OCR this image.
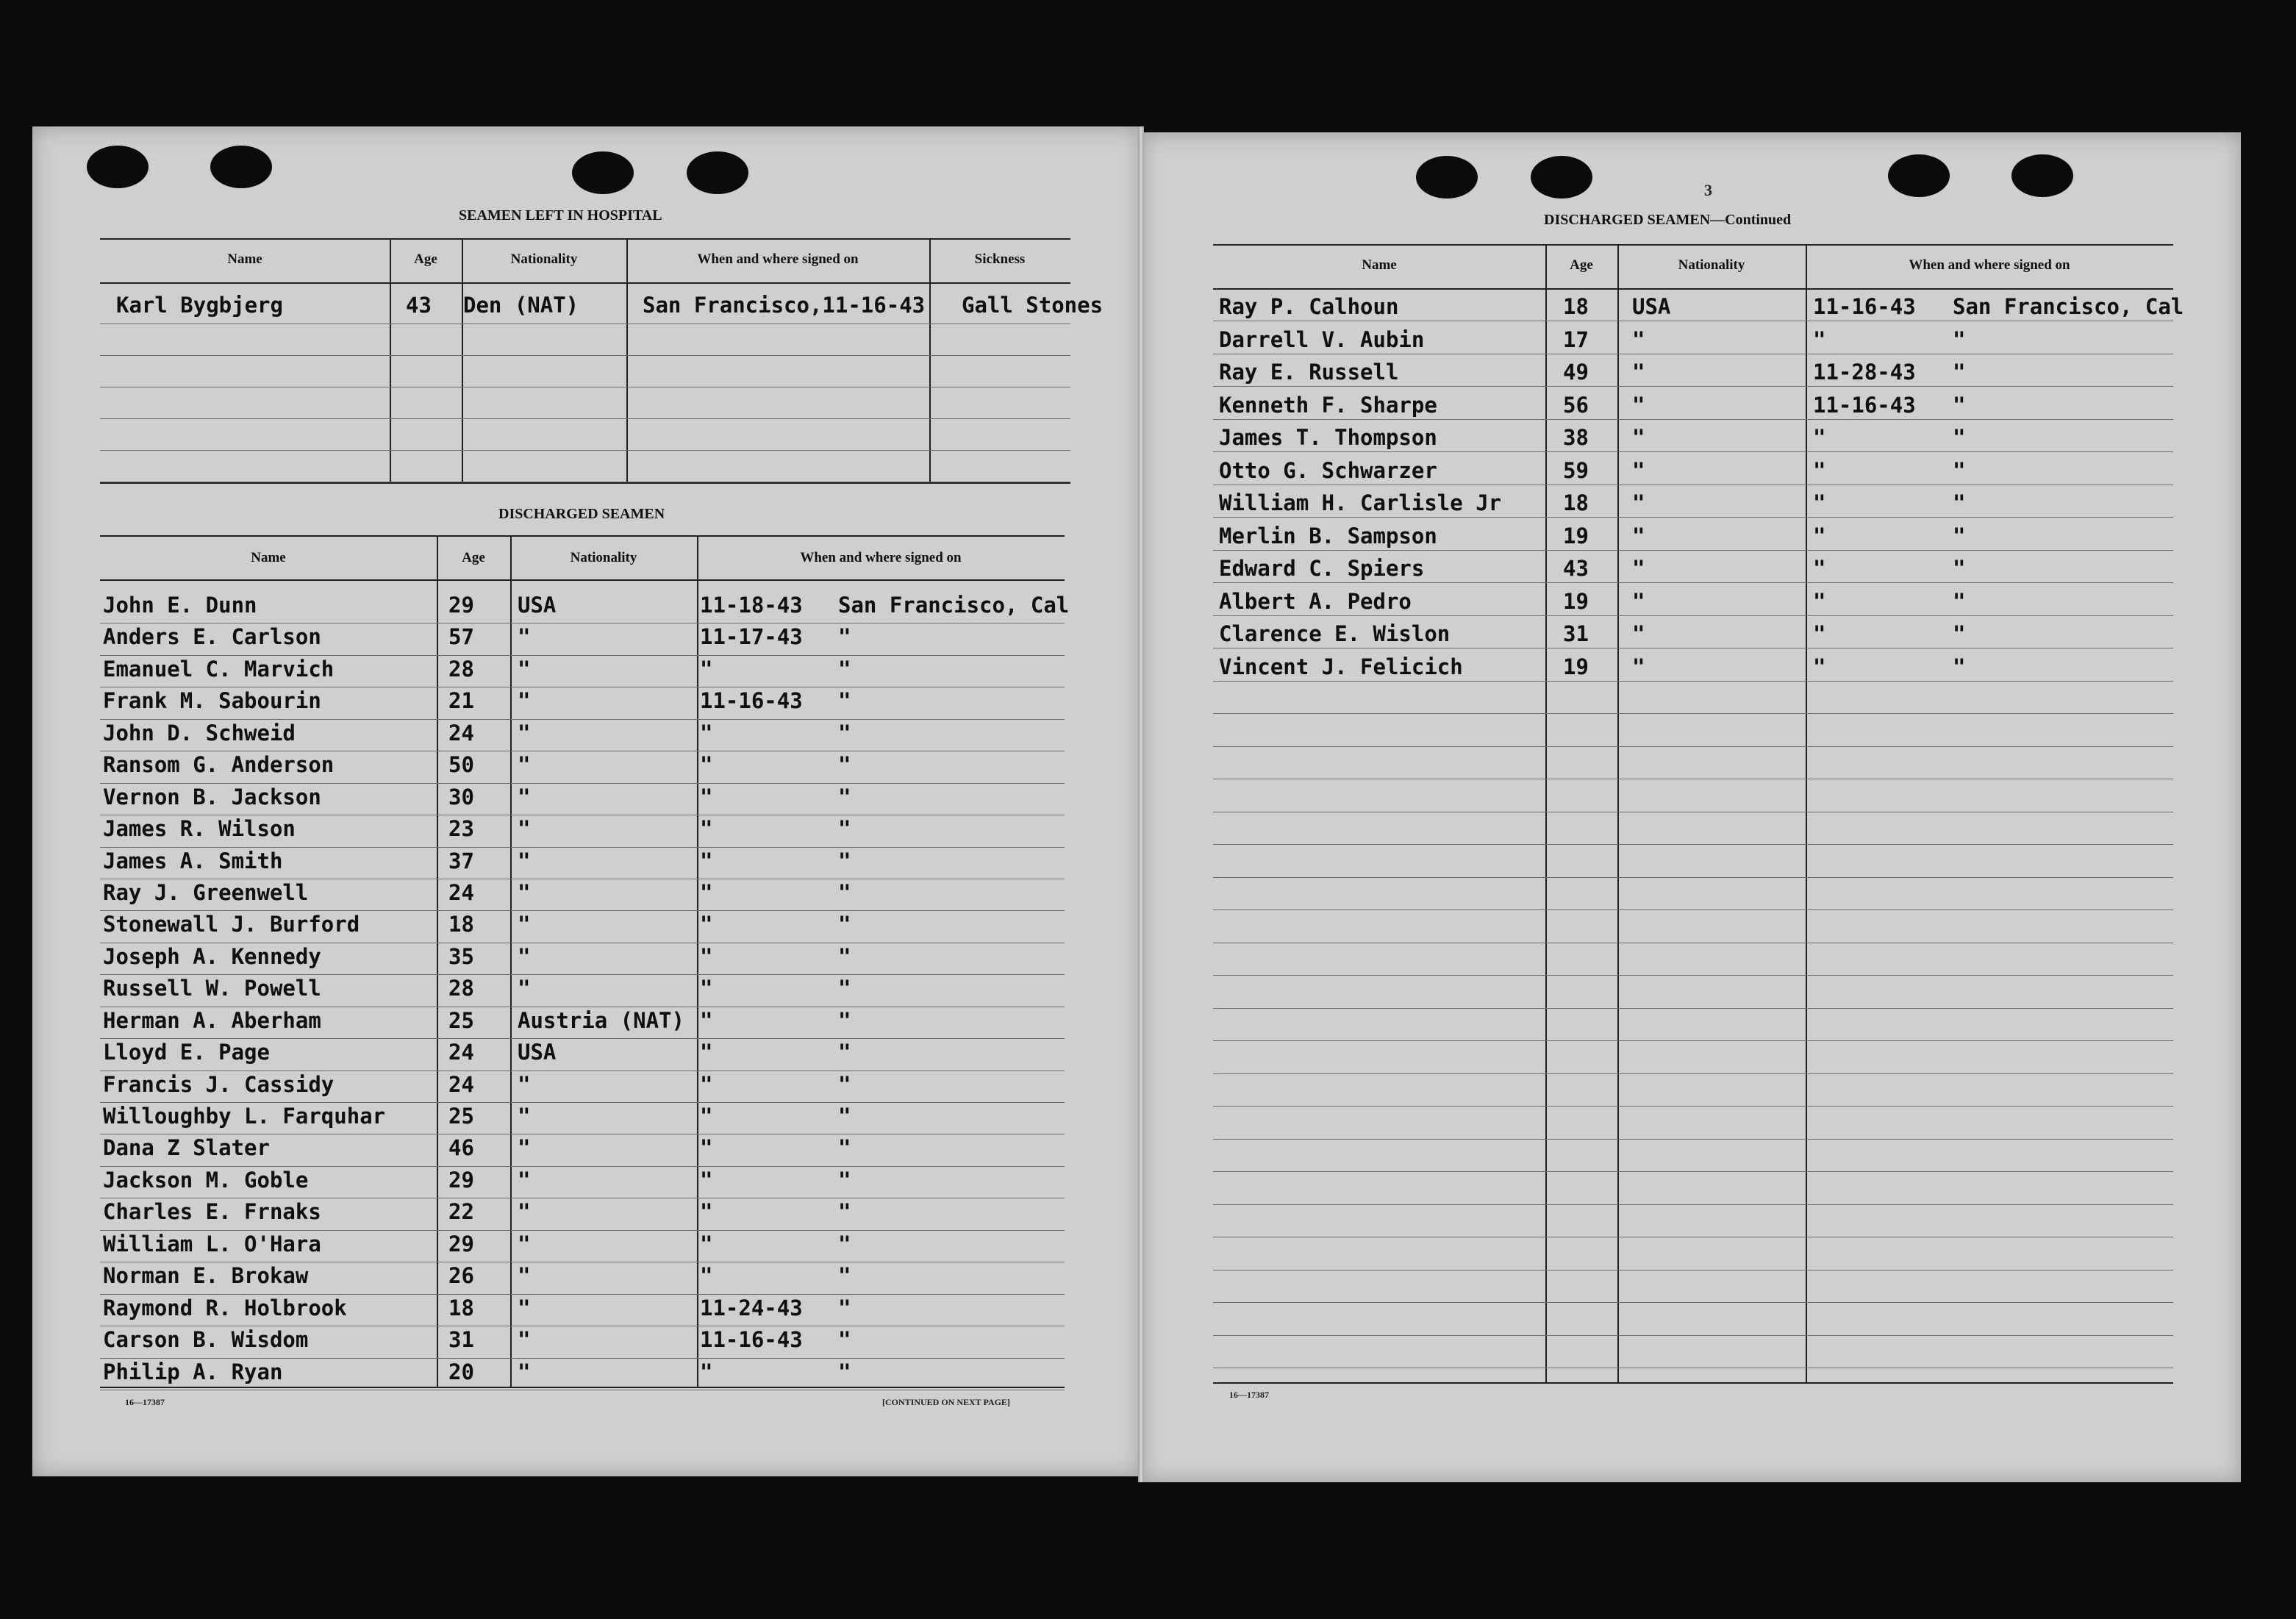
SEAMEN LEFT IN HOSPITAL
DISCHARGED SEAMEN
3
DISCHARGED SEAMEN—Continued
16—17387	[CONTINUED ON NEXT PAGE]
16—17387
Name	Age	Nationality	When and where signed on	Sickness
Karl Bygbjerg	43 Den (NAT)	San Francisco,11-16-43 Gall Stones
Name	Age	Nationality	When and where signed on
John E. Dunn	29 USA	11-18-43 San Francisco, Cal
Anders E. Carlson	57 "	11-17-43 "
Emanuel C. Marvich	28 "	"	"
Frank M. Sabourin	21 "	11-16-43 "
John D. Schweid	24 "	"	"
Ransom G. Anderson	50 "	"	"
Vernon B. Jackson	30 "	"	"
James R. Wilson	23 "	"	"
James A. Smith	37 "	"	"
Ray J. Greenwell	24 "	"	"
Stonewall J. Burford	18 "	"	"
Joseph A. Kennedy	35 "	"	"
Russell W. Powell	28 "	"	"
Herman A. Aberham	25 Austria (NAT) "	"
Lloyd E. Page	24 USA	"	"
Francis J. Cassidy	24 "	"	"
Willoughby L. Farquhar	25 "	"	"
Dana Z Slater	46 "	"	"
Jackson M. Goble	29 "	"	"
Charles E. Frnaks	22 "	"	"
William L. O'Hara	29 "	"	"
Norman E. Brokaw	26 "	"	"
Raymond R. Holbrook	18 "	11-24-43 "
Carson B. Wisdom	31 "	11-16-43 "
Philip A. Ryan	20 "	"	"
Name	Age	Nationality	When and where signed on
Ray P. Calhoun	18 USA	11-16-43 San Francisco, Cal
Darrell V. Aubin	17 "	"	"
Ray E. Russell	49 "	11-28-43 "
Kenneth F. Sharpe	56 "	11-16-43 "
James T. Thompson	38 "	"	"
Otto G. Schwarzer	59 "	"	"
William H. Carlisle Jr	18 "	"	"
Merlin B. Sampson	19 "	"	"
Edward C. Spiers	43 "	"	"
Albert A. Pedro	19 "	"	"
Clarence E. Wislon	31 "	"	"
Vincent J. Felicich	19 "	"	"
